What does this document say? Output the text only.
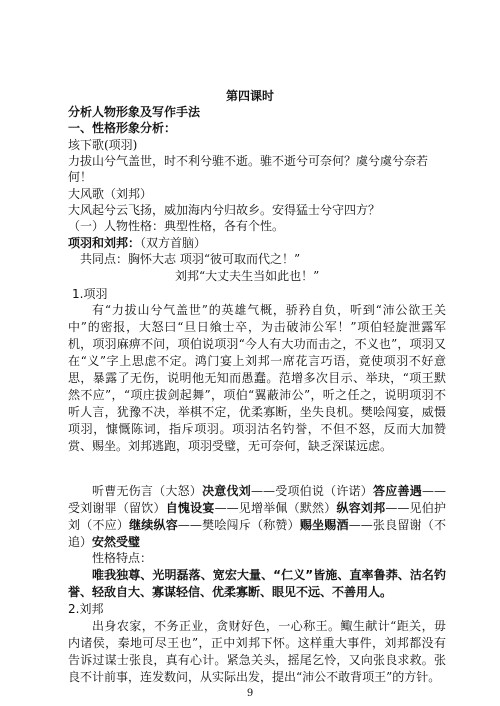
第四课时
分析人物形象及写作手法
一、性格形象分析：
垓下歌(项羽)
力拔山兮气盖世，时不利兮骓不逝。骓不逝兮可奈何？虞兮虞兮奈若
何！
大风歌（刘邦）
大风起兮云飞扬，威加海内兮归故乡。安得猛士兮守四方？
（一）人物性格：典型性格，各有个性。
项羽和刘邦：（双方首脑）
共同点：胸怀大志 项羽“彼可取而代之！”
刘邦“大丈夫生当如此也！”
1.项羽
有“力拔山兮气盖世”的英雄气概，骄矜自负，听到“沛公欲王关中”的密报，大怒曰“旦日飨士卒，为击破沛公军！”项伯轻旋泄露军机，项羽麻痹不问，项伯说项羽“今人有大功而击之，不义也”，项羽又在“义”字上思虑不定。鸿门宴上刘邦一席花言巧语，竟使项羽不好意思，暴露了无伤，说明他无知而愚蠢。范增多次目示、举玦，“项王默然不应”，“项庄拔剑起舞”，项伯“翼蔽沛公”，听之任之，说明项羽不听人言，犹豫不决，举棋不定，优柔寡断，坐失良机。樊哙闯宴，威慑项羽，慷慨陈词，指斥项羽。项羽沽名钓誉，不但不怒，反而大加赞赏、赐坐。刘邦逃跑，项羽受璧，无可奈何，缺乏深谋远虑。
听曹无伤言（大怒）决意伐刘——受项伯说（许诺）答应善遇——受刘谢罪（留饮）自愧设宴——见增举佩（默然）纵容刘邦——见伯护刘（不应）继续纵容——樊哙闯斥（称赞）赐坐赐酒——张良留谢（不追）安然受璧
性格特点：
唯我独尊、光明磊落、宽宏大量、“仁义”皆施、直率鲁莽、沽名钓誉、轻敌自大、寡谋轻信、优柔寡断、眼见不远、不善用人。
2.刘邦
出身农家，不务正业，贪财好色，一心称王。鲰生献计“距关，毋内诸侯，秦地可尽王也”，正中刘邦下怀。这样重大事件，刘邦都没有告诉过谋士张良，真有心计。紧急关头，摇尾乞怜，又向张良求救。张良不计前事，连发数问，从实际出发，提出“沛公不敢背项王”的方针。
9
